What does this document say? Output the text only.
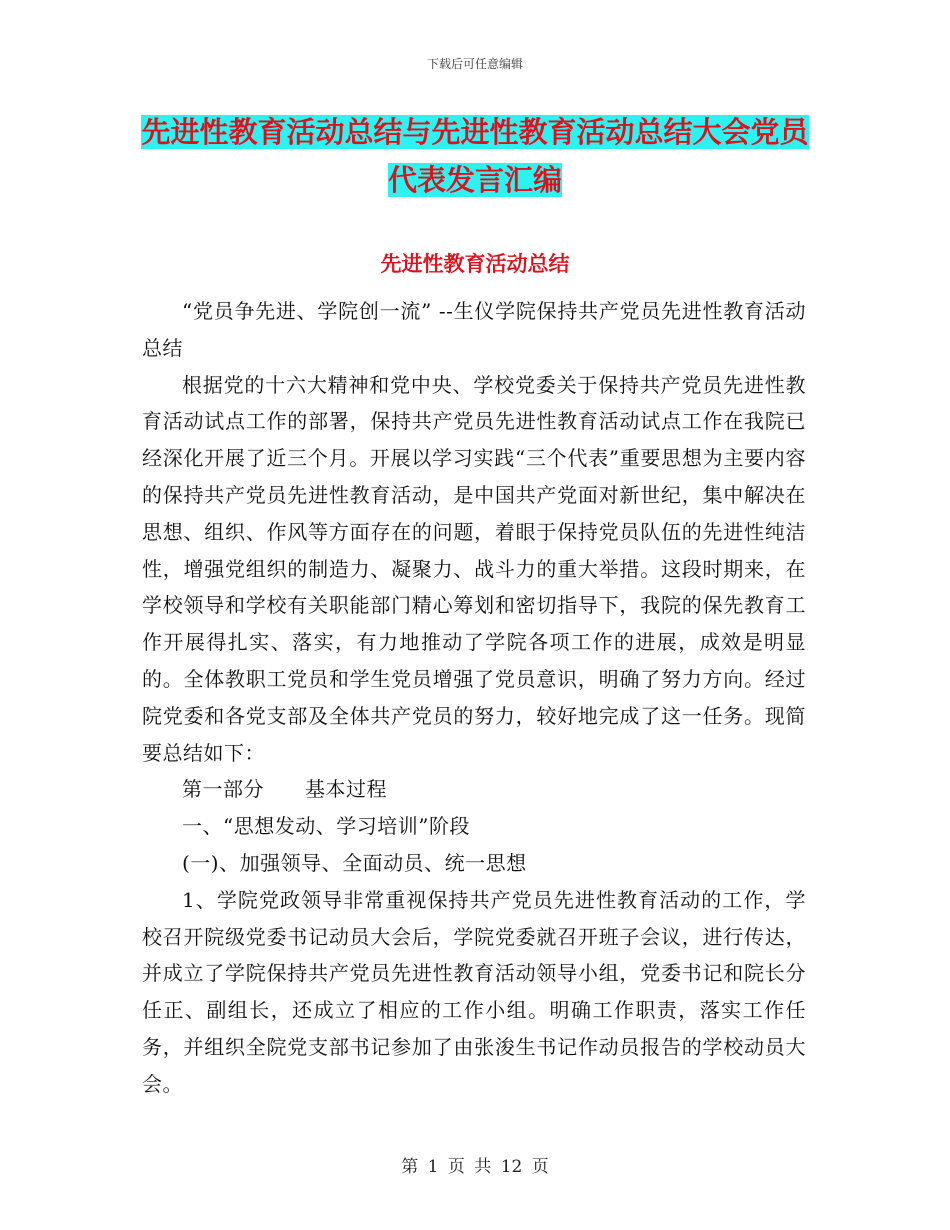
下载后可任意编辑
先进性教育活动总结与先进性教育活动总结大会党员
代表发言汇编
先进性教育活动总结

“党员争先进、学院创一流” --生仪学院保持共产党员先进性教育活动总结

根据党的十六大精神和党中央、学校党委关于保持共产党员先进性教育活动试点工作的部署，保持共产党员先进性教育活动试点工作在我院已经深化开展了近三个月。开展以学习实践“三个代表”重要思想为主要内容的保持共产党员先进性教育活动，是中国共产党面对新世纪，集中解决在思想、组织、作风等方面存在的问题，着眼于保持党员队伍的先进性纯洁性，增强党组织的制造力、凝聚力、战斗力的重大举措。这段时期来，在学校领导和学校有关职能部门精心筹划和密切指导下，我院的保先教育工作开展得扎实、落实，有力地推动了学院各项工作的进展，成效是明显的。全体教职工党员和学生党员增强了党员意识，明确了努力方向。经过院党委和各党支部及全体共产党员的努力，较好地完成了这一任务。现简要总结如下：

第一部分　　基本过程

一、“思想发动、学习培训”阶段

(一)、加强领导、全面动员、统一思想

1、学院党政领导非常重视保持共产党员先进性教育活动的工作，学校召开院级党委书记动员大会后，学院党委就召开班子会议，进行传达，并成立了学院保持共产党员先进性教育活动领导小组，党委书记和院长分任正、副组长，还成立了相应的工作小组。明确工作职责，落实工作任务，并组织全院党支部书记参加了由张浚生书记作动员报告的学校动员大会。

第 1 页 共 12 页
